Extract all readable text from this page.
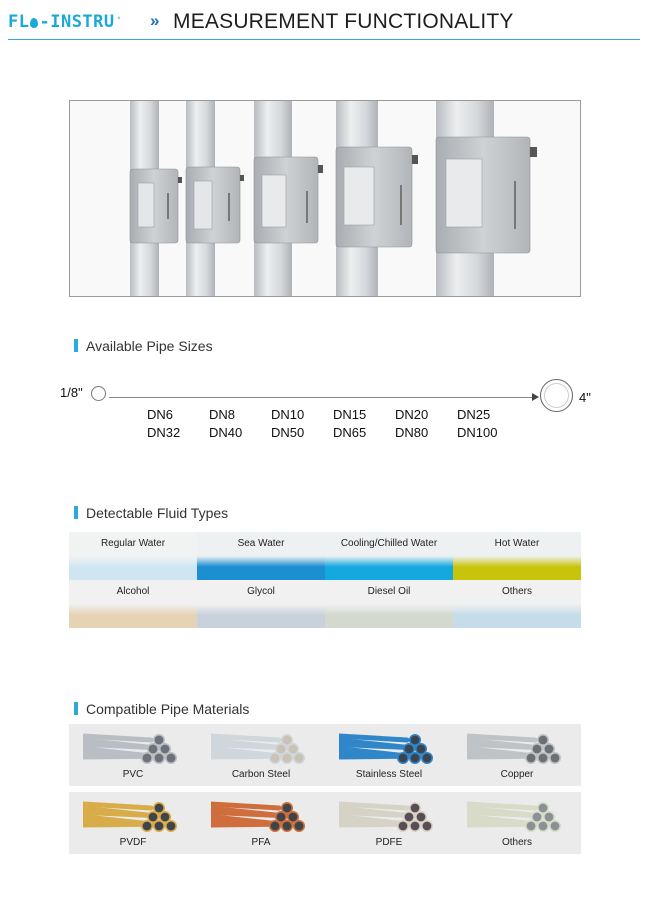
FL -INSTRU ✦ » MEASUREMENT FUNCTIONALITY
Available Pipe Sizes
1/8"	4"
DN6	DN8	DN10	DN15	DN20	DN25
DN32	DN40	DN50	DN65	DN80	DN100
Detectable Fluid Types
Regular Water	Sea Water	Cooling/Chilled Water	Hot Water
Alcohol	Glycol	Diesel Oil	Others
Compatible Pipe Materials
PVC	Carbon Steel	Stainless Steel	Copper
PVDF	PFA	PDFE	Others
